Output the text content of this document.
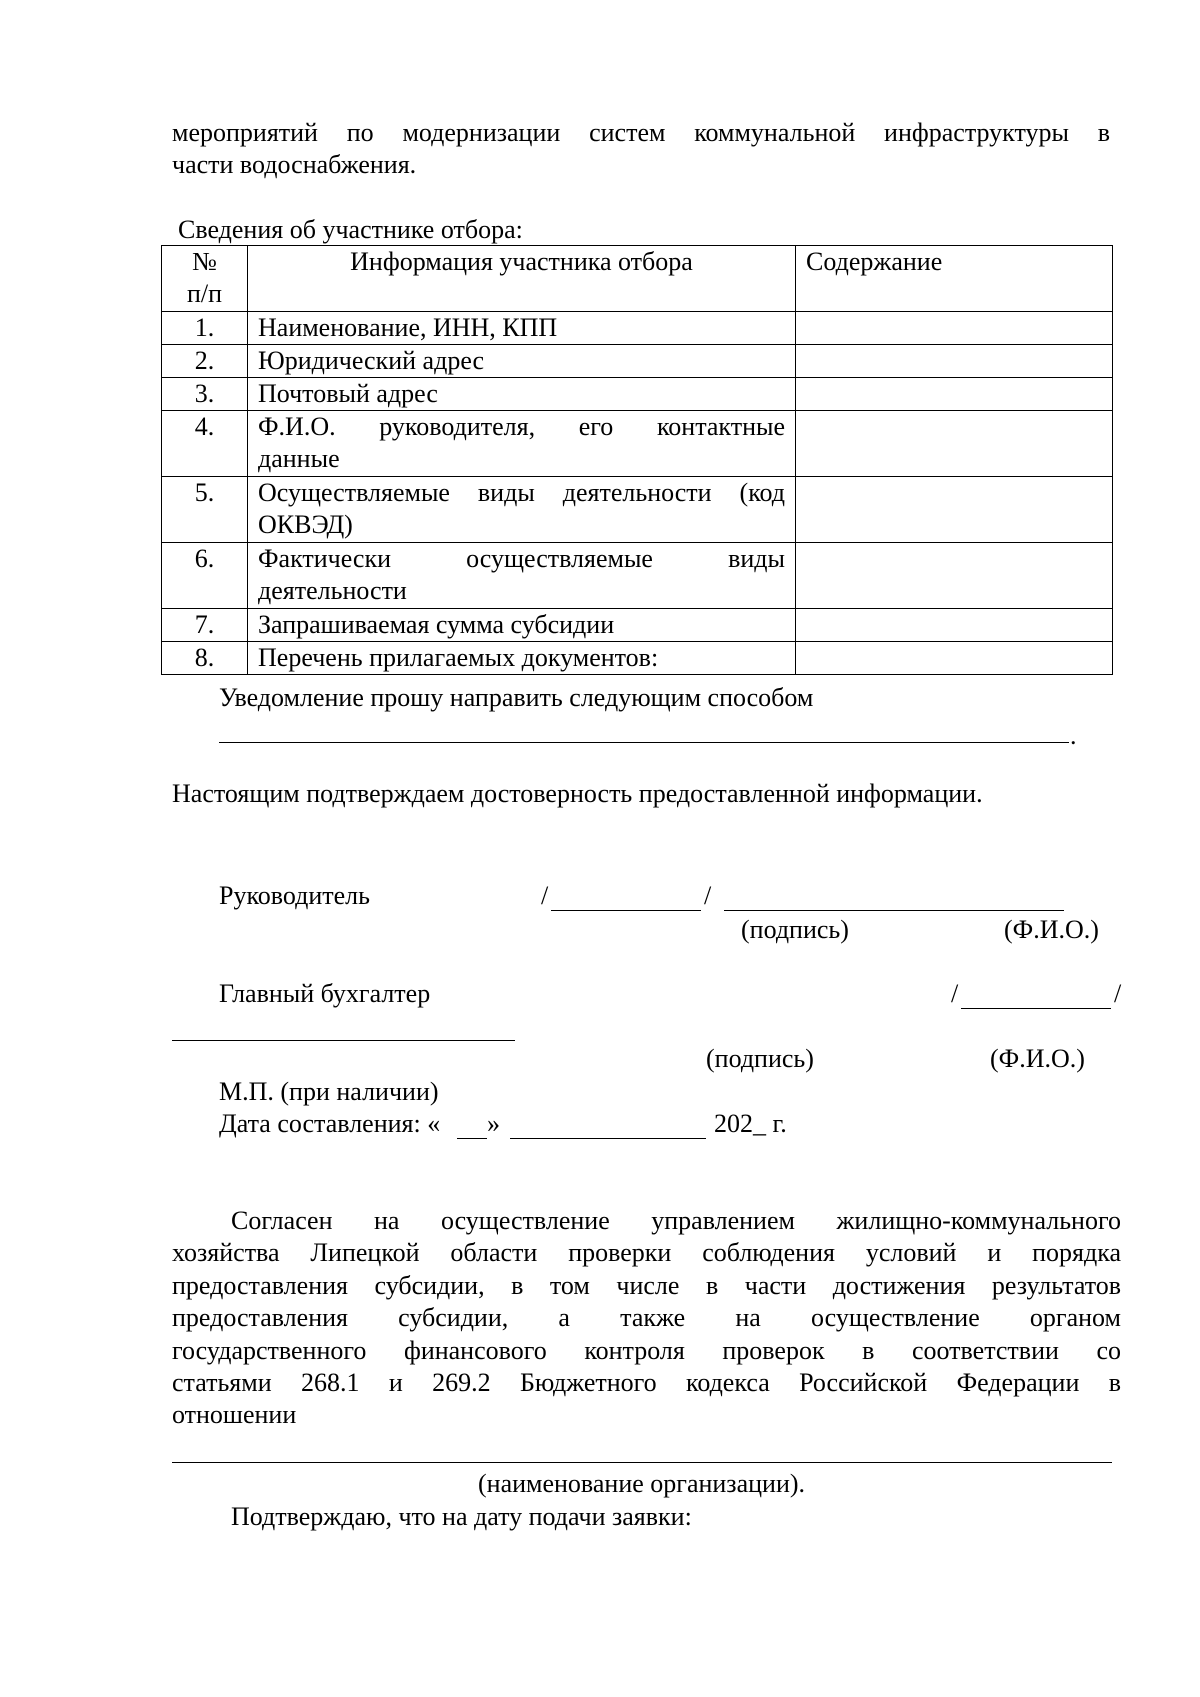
мероприятий по модернизации систем коммунальной инфраструктуры в
части водоснабжения.
Сведения об участнике отбора:
№
п/п	Информация участника отбора	Содержание
1.	Наименование, ИНН, КПП	
2.	Юридический адрес	
3.	Почтовый адрес	
4.	Ф.И.О. руководителя, его контактные
данные	
5.	Осуществляемые виды деятельности (код
ОКВЭД)	
6.	Фактически осуществляемые виды
деятельности	
7.	Запрашиваемая сумма субсидии	
8.	Перечень прилагаемых документов:	
Уведомление прошу направить следующим способом
.
Настоящим подтверждаем достоверность предоставленной информации.
Руководитель	/	/
(подпись)	(Ф.И.О.)
Главный бухгалтер	/	/
(подпись)	(Ф.И.О.)
М.П. (при наличии)
Дата составления: « »	202_ г.
Согласен на осуществление управлением жилищно-коммунального
хозяйства Липецкой области проверки соблюдения условий и порядка
предоставления субсидии, в том числе в части достижения результатов
предоставления субсидии, а также на осуществление органом
государственного финансового контроля проверок в соответствии со
статьями 268.1 и 269.2 Бюджетного кодекса Российской Федерации в
отношении
(наименование организации).
Подтверждаю, что на дату подачи заявки:
